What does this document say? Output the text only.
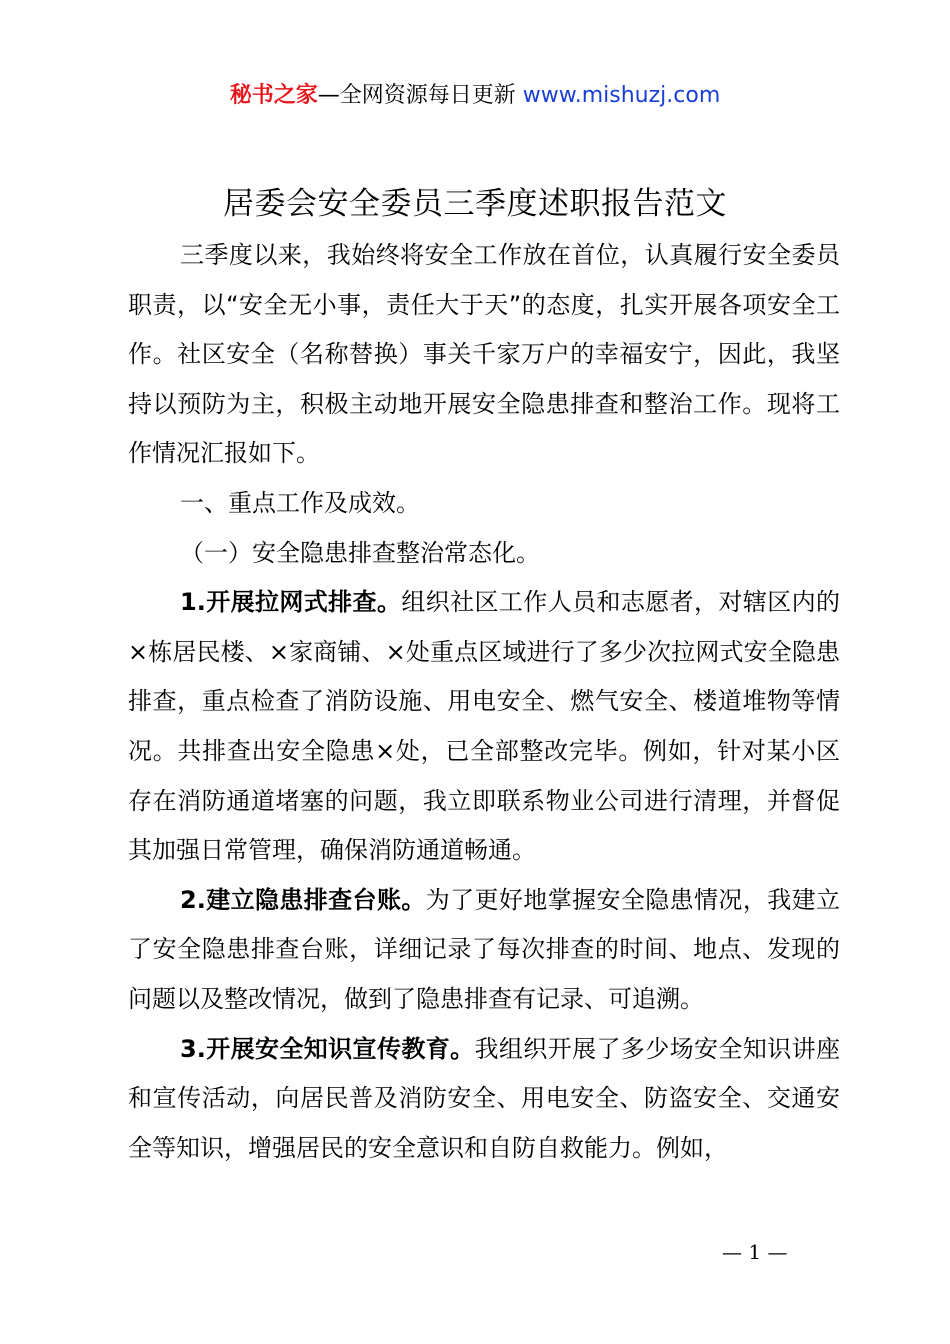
秘书之家—全网资源每日更新 www.mishuzj.com
居委会安全委员三季度述职报告范文

三季度以来，我始终将安全工作放在首位，认真履行安全委员职责，以“安全无小事，责任大于天”的态度，扎实开展各项安全工作。社区安全（名称替换）事关千家万户的幸福安宁，因此，我坚持以预防为主，积极主动地开展安全隐患排查和整治工作。现将工作情况汇报如下。

一、重点工作及成效。

（一）安全隐患排查整治常态化。

1.开展拉网式排查。组织社区工作人员和志愿者，对辖区内的×栋居民楼、×家商铺、×处重点区域进行了多少次拉网式安全隐患排查，重点检查了消防设施、用电安全、燃气安全、楼道堆物等情况。共排查出安全隐患×处，已全部整改完毕。例如，针对某小区存在消防通道堵塞的问题，我立即联系物业公司进行清理，并督促其加强日常管理，确保消防通道畅通。

2.建立隐患排查台账。为了更好地掌握安全隐患情况，我建立了安全隐患排查台账，详细记录了每次排查的时间、地点、发现的问题以及整改情况，做到了隐患排查有记录、可追溯。

3.开展安全知识宣传教育。我组织开展了多少场安全知识讲座和宣传活动，向居民普及消防安全、用电安全、防盗安全、交通安全等知识，增强居民的安全意识和自防自救能力。例如，

— 1 —
